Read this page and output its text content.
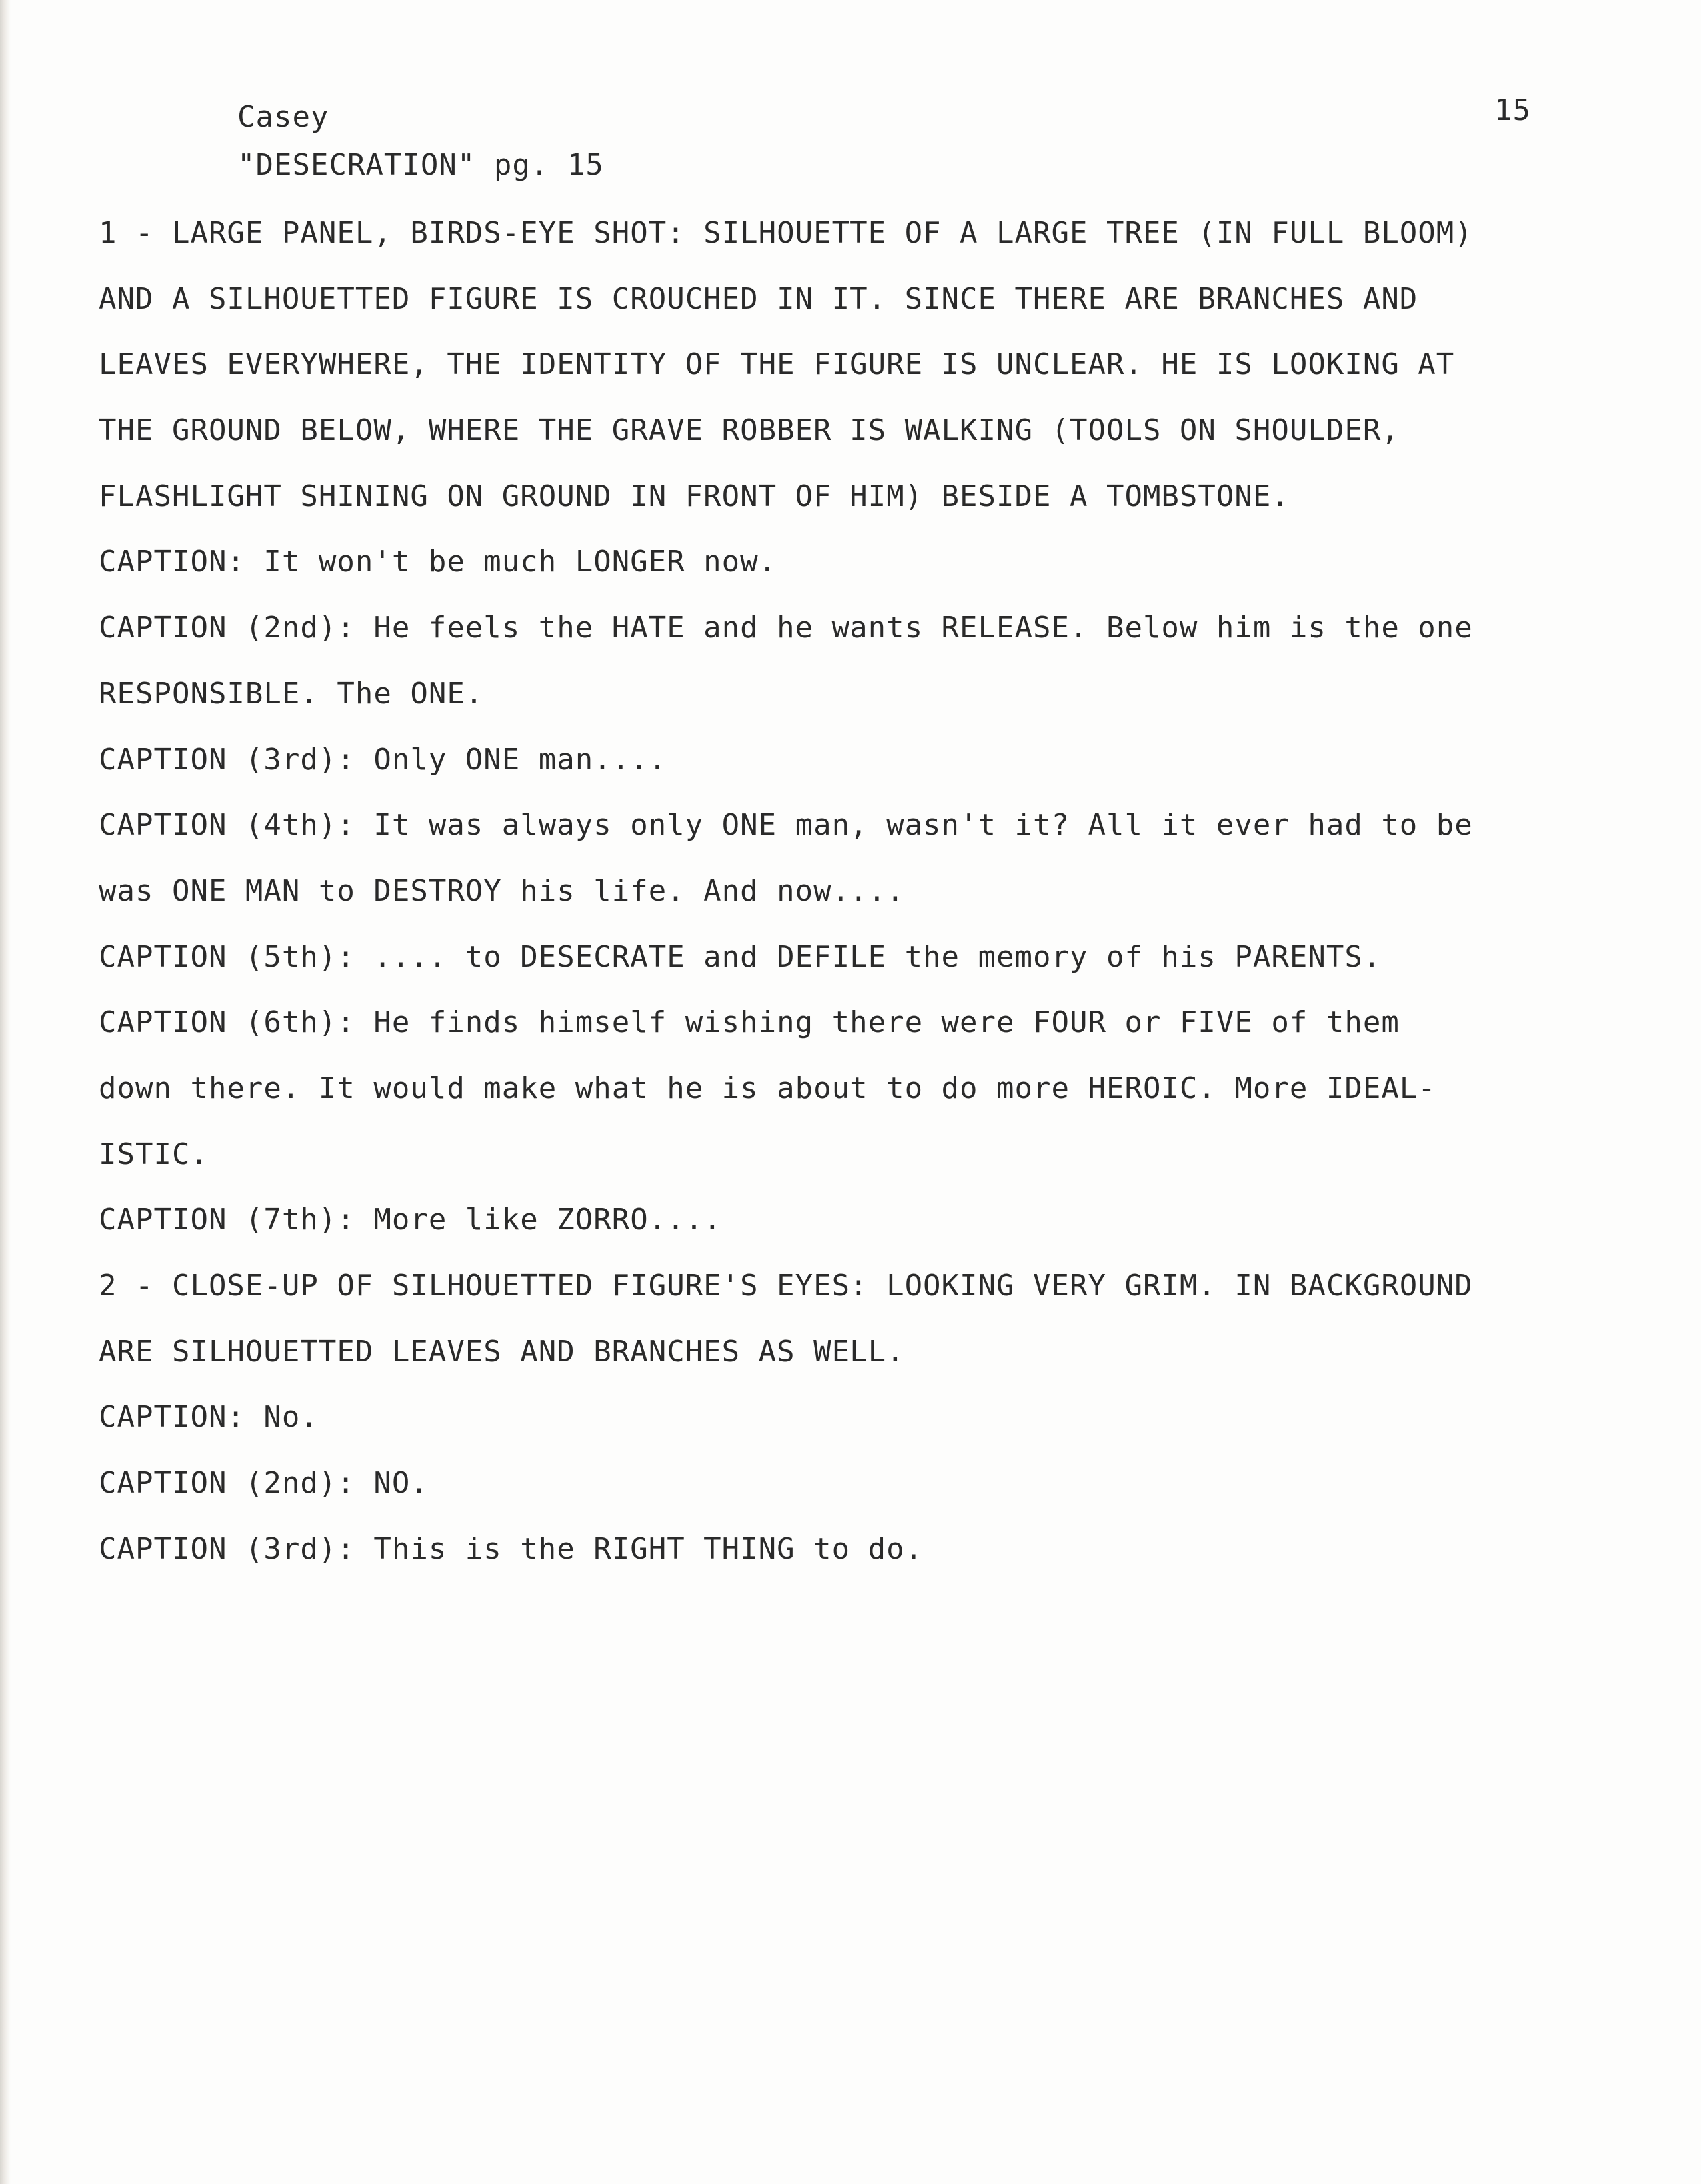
Casey
"DESECRATION" pg. 15
15
1 - LARGE PANEL, BIRDS-EYE SHOT: SILHOUETTE OF A LARGE TREE (IN FULL BLOOM)
AND A SILHOUETTED FIGURE IS CROUCHED IN IT. SINCE THERE ARE BRANCHES AND
LEAVES EVERYWHERE, THE IDENTITY OF THE FIGURE IS UNCLEAR. HE IS LOOKING AT
THE GROUND BELOW, WHERE THE GRAVE ROBBER IS WALKING (TOOLS ON SHOULDER,
FLASHLIGHT SHINING ON GROUND IN FRONT OF HIM) BESIDE A TOMBSTONE.
CAPTION: It won't be much LONGER now.
CAPTION (2nd): He feels the HATE and he wants RELEASE. Below him is the one
RESPONSIBLE. The ONE.
CAPTION (3rd): Only ONE man....
CAPTION (4th): It was always only ONE man, wasn't it? All it ever had to be
was ONE MAN to DESTROY his life. And now....
CAPTION (5th): .... to DESECRATE and DEFILE the memory of his PARENTS.
CAPTION (6th): He finds himself wishing there were FOUR or FIVE of them
down there. It would make what he is about to do more HEROIC. More IDEAL-
ISTIC.
CAPTION (7th): More like ZORRO....
2 - CLOSE-UP OF SILHOUETTED FIGURE'S EYES: LOOKING VERY GRIM. IN BACKGROUND
ARE SILHOUETTED LEAVES AND BRANCHES AS WELL.
CAPTION: No.
CAPTION (2nd): NO.
CAPTION (3rd): This is the RIGHT THING to do.
